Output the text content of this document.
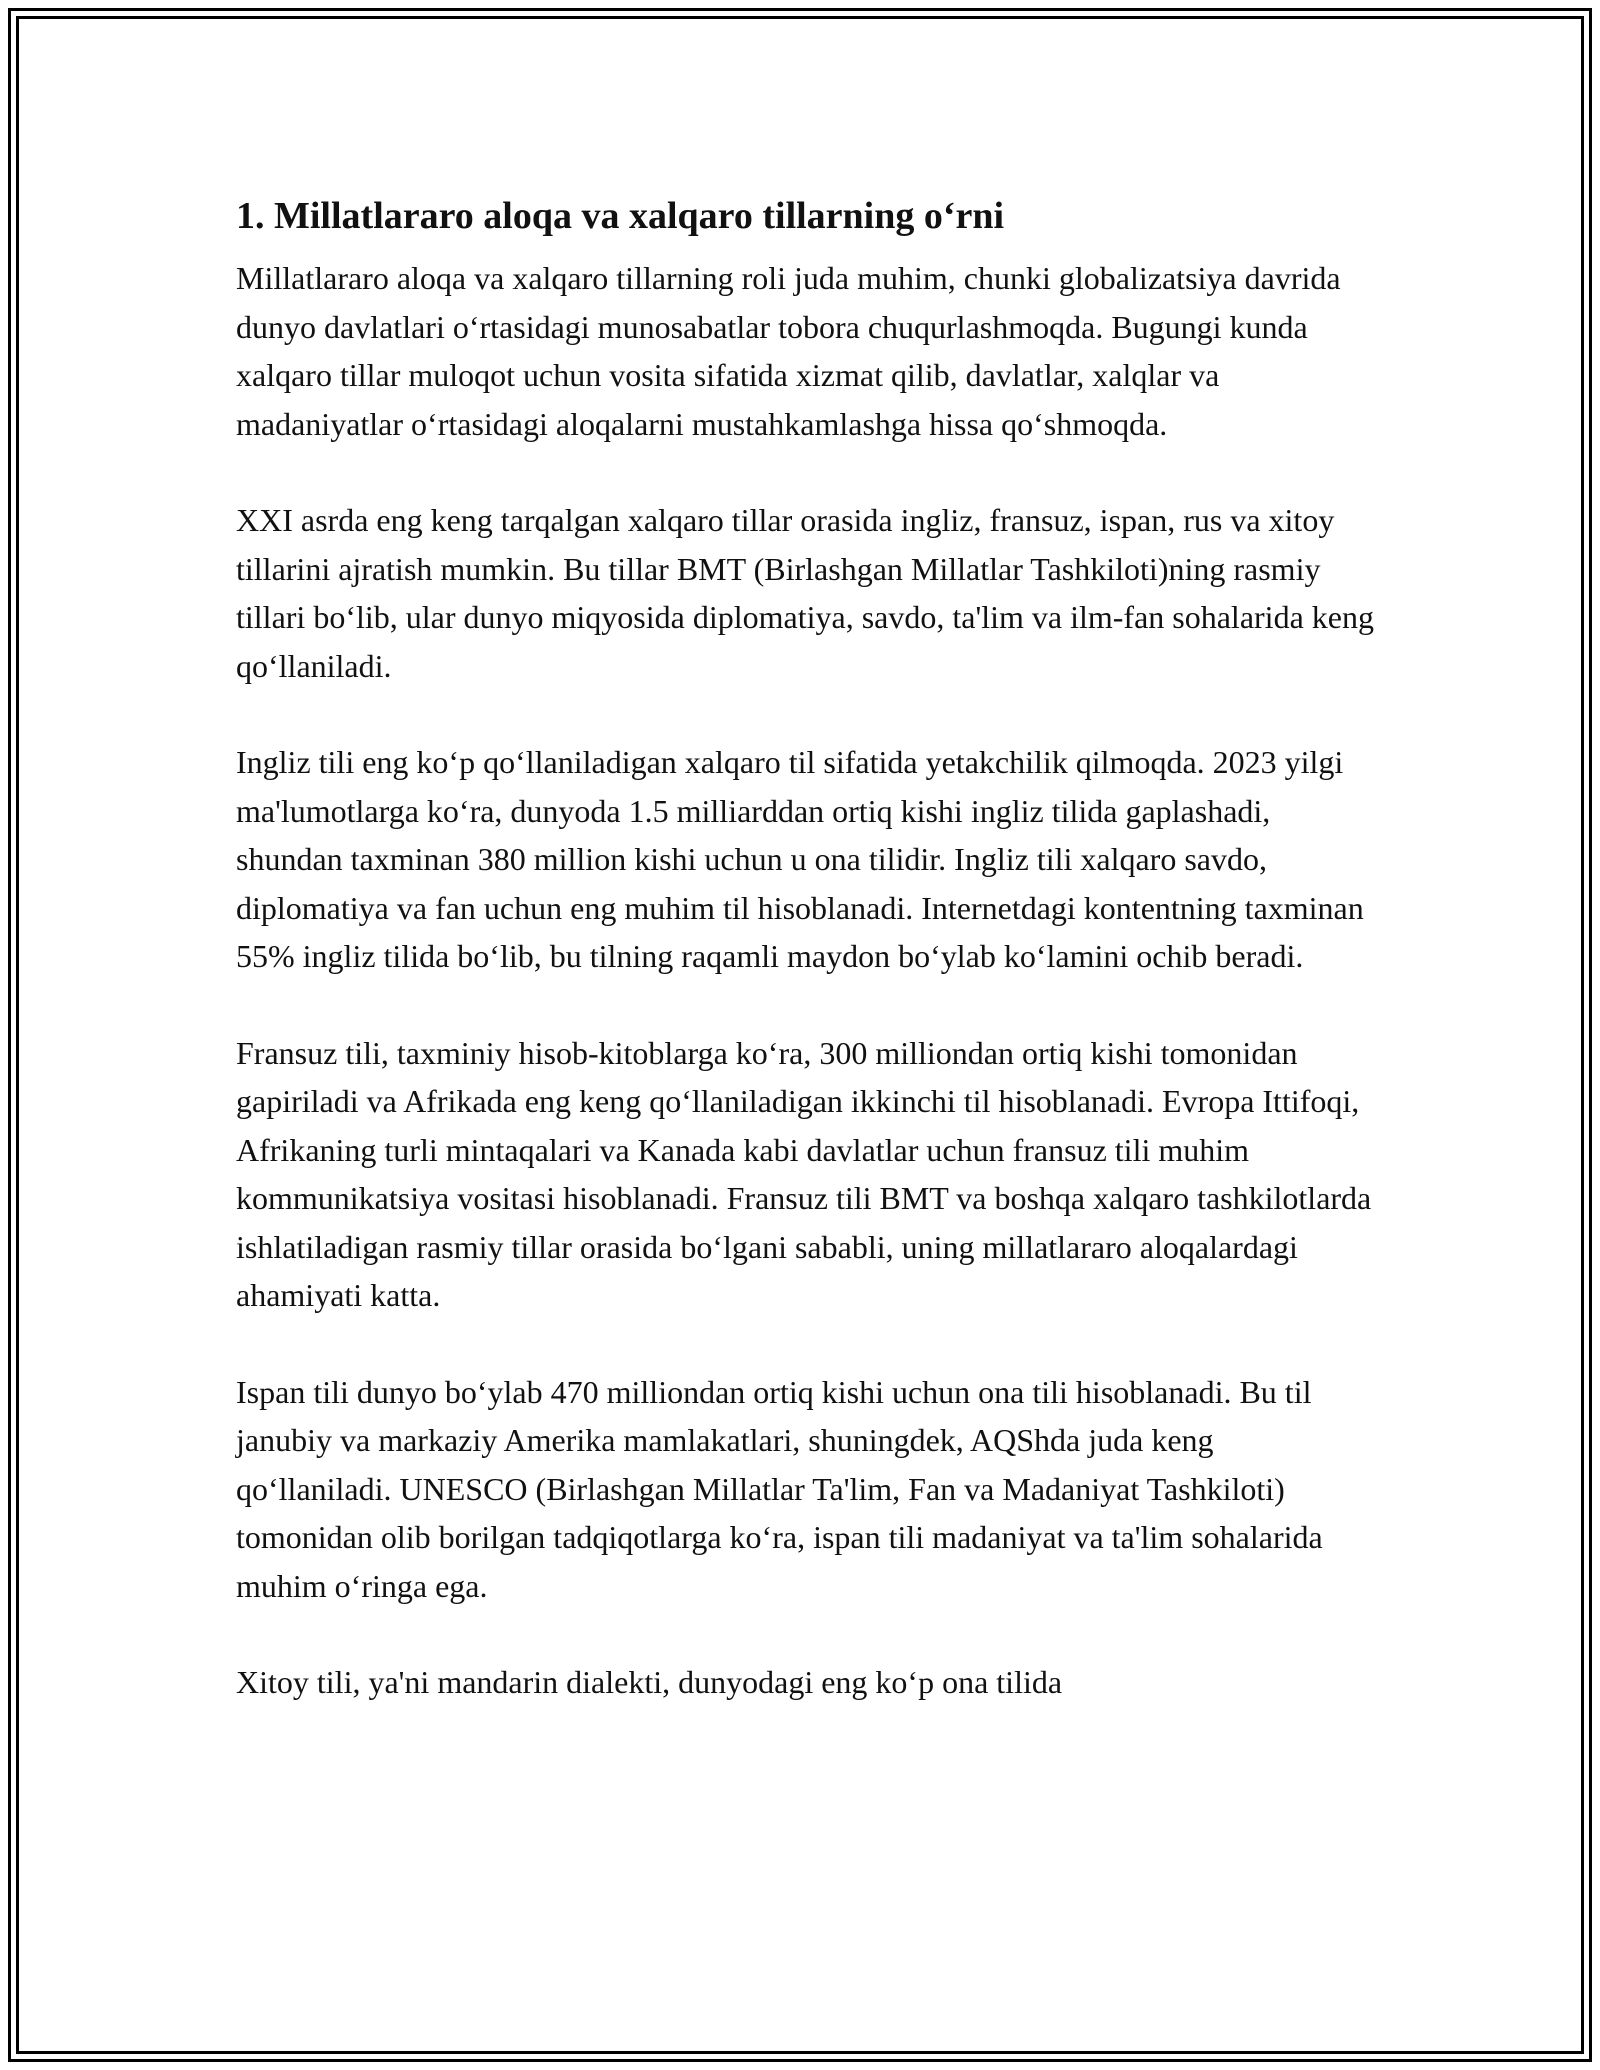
1. Millatlararo aloqa va xalqaro tillarning o‘rni

Millatlararo aloqa va xalqaro tillarning roli juda muhim, chunki globalizatsiya davrida dunyo davlatlari o‘rtasidagi munosabatlar tobora chuqurlashmoqda. Bugungi kunda xalqaro tillar muloqot uchun vosita sifatida xizmat qilib, davlatlar, xalqlar va madaniyatlar o‘rtasidagi aloqalarni mustahkamlashga hissa qo‘shmoqda.

XXI asrda eng keng tarqalgan xalqaro tillar orasida ingliz, fransuz, ispan, rus va xitoy tillarini ajratish mumkin. Bu tillar BMT (Birlashgan Millatlar Tashkiloti)ning rasmiy tillari bo‘lib, ular dunyo miqyosida diplomatiya, savdo, ta'lim va ilm-fan sohalarida keng qo‘llaniladi.

Ingliz tili eng ko‘p qo‘llaniladigan xalqaro til sifatida yetakchilik qilmoqda. 2023 yilgi ma'lumotlarga ko‘ra, dunyoda 1.5 milliarddan ortiq kishi ingliz tilida gaplashadi, shundan taxminan 380 million kishi uchun u ona tilidir. Ingliz tili xalqaro savdo, diplomatiya va fan uchun eng muhim til hisoblanadi. Internetdagi kontentning taxminan 55% ingliz tilida bo‘lib, bu tilning raqamli maydon bo‘ylab ko‘lamini ochib beradi.

Fransuz tili, taxminiy hisob-kitoblarga ko‘ra, 300 milliondan ortiq kishi tomonidan gapiriladi va Afrikada eng keng qo‘llaniladigan ikkinchi til hisoblanadi. Evropa Ittifoqi, Afrikaning turli mintaqalari va Kanada kabi davlatlar uchun fransuz tili muhim kommunikatsiya vositasi hisoblanadi. Fransuz tili BMT va boshqa xalqaro tashkilotlarda ishlatiladigan rasmiy tillar orasida bo‘lgani sababli, uning millatlararo aloqalardagi ahamiyati katta.

Ispan tili dunyo bo‘ylab 470 milliondan ortiq kishi uchun ona tili hisoblanadi. Bu til janubiy va markaziy Amerika mamlakatlari, shuningdek, AQShda juda keng qo‘llaniladi. UNESCO (Birlashgan Millatlar Ta'lim, Fan va Madaniyat Tashkiloti) tomonidan olib borilgan tadqiqotlarga ko‘ra, ispan tili madaniyat va ta'lim sohalarida muhim o‘ringa ega.

Xitoy tili, ya'ni mandarin dialekti, dunyodagi eng ko‘p ona tilida
